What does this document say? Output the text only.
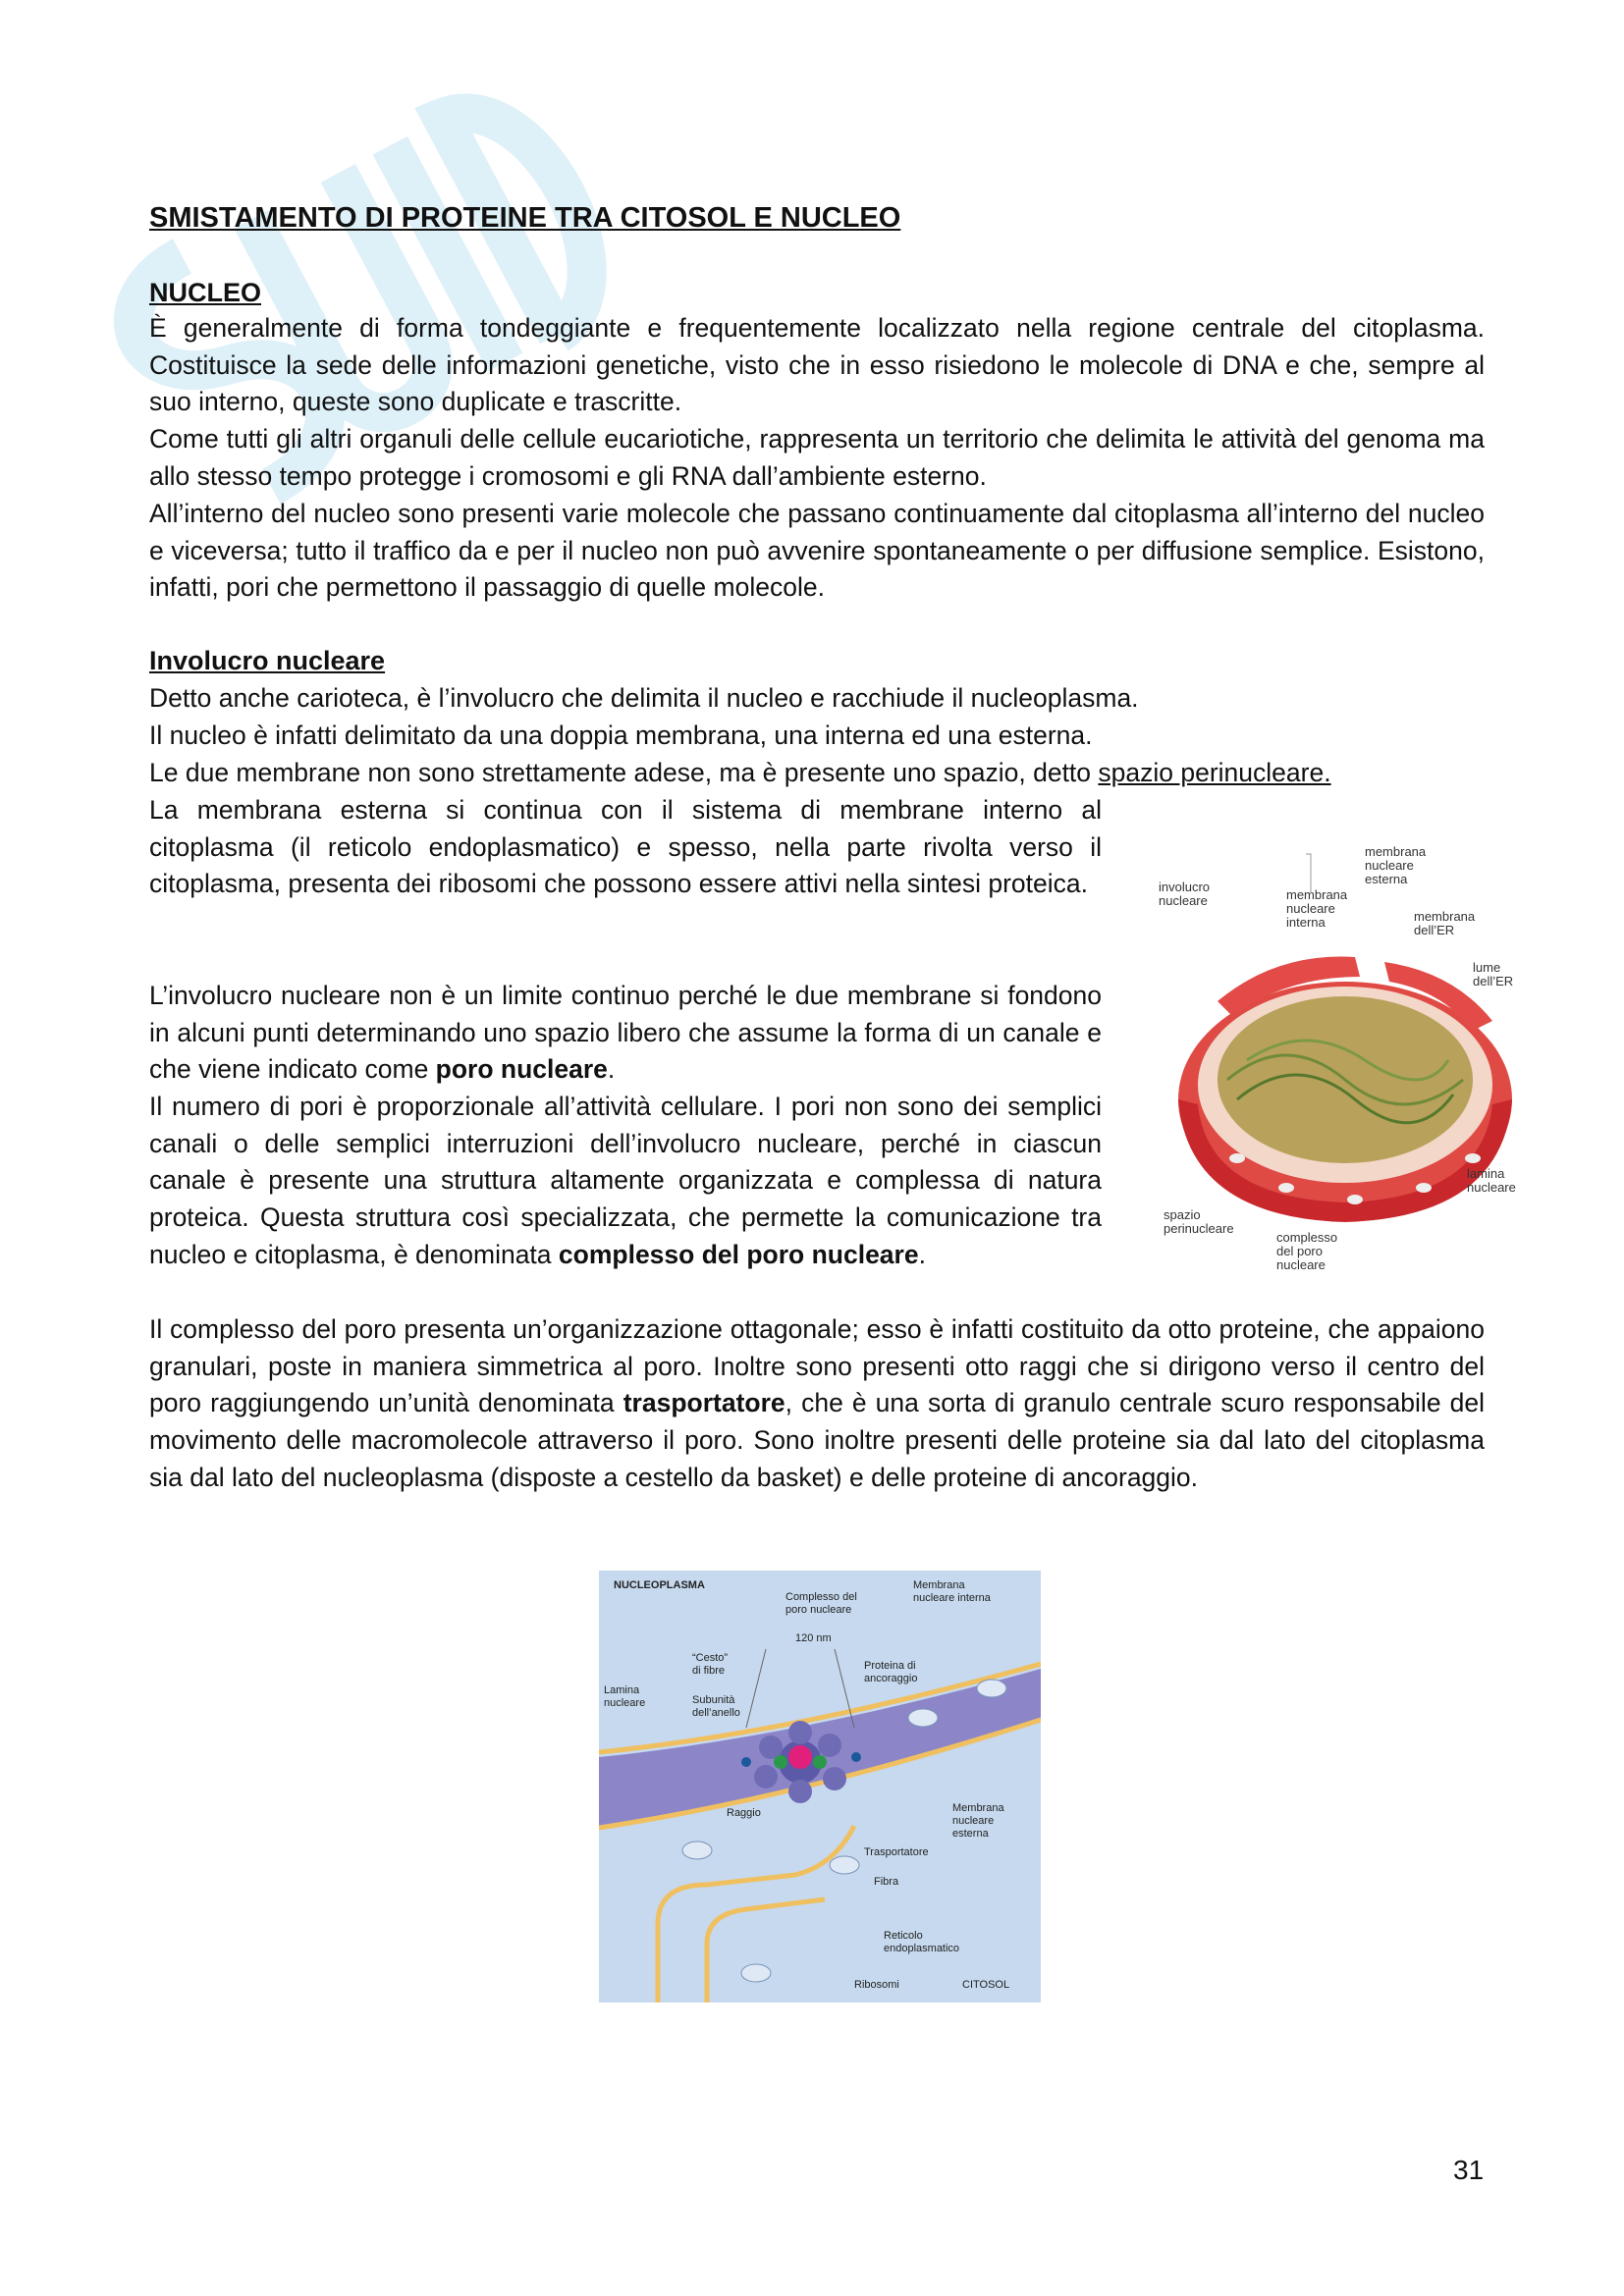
SMISTAMENTO DI PROTEINE TRA CITOSOL E NUCLEO
NUCLEO

È generalmente di forma tondeggiante e frequentemente localizzato nella regione centrale del citoplasma. Costituisce la sede delle informazioni genetiche, visto che in esso risiedono le molecole di DNA e che, sempre al suo interno, queste sono duplicate e trascritte.

Come tutti gli altri organuli delle cellule eucariotiche, rappresenta un territorio che delimita le attività del genoma ma allo stesso tempo protegge i cromosomi e gli RNA dall’ambiente esterno.

All’interno del nucleo sono presenti varie molecole che passano continuamente dal citoplasma all’interno del nucleo e viceversa; tutto il traffico da e per il nucleo non può avvenire spontaneamente o per diffusione semplice. Esistono, infatti, pori che permettono il passaggio di quelle molecole.

Involucro nucleare

Detto anche carioteca, è l’involucro che delimita il nucleo e racchiude il nucleoplasma.

Il nucleo è infatti delimitato da una doppia membrana, una interna ed una esterna.

Le due membrane non sono strettamente adese, ma è presente uno spazio, detto spazio perinucleare.

La membrana esterna si continua con il sistema di membrane interno al citoplasma (il reticolo endoplasmatico) e spesso, nella parte rivolta verso il citoplasma, presenta dei ribosomi che possono essere attivi nella sintesi proteica.

L’involucro nucleare non è un limite continuo perché le due membrane si fondono in alcuni punti determinando uno spazio libero che assume la forma di un canale e che viene indicato come poro nucleare.

Il numero di pori è proporzionale all’attività cellulare. I pori non sono dei semplici canali o delle semplici interruzioni dell’involucro nucleare, perché in ciascun canale è presente una struttura altamente organizzata e complessa di natura proteica. Questa struttura così specializzata, che permette la comunicazione tra nucleo e citoplasma, è denominata complesso del poro nucleare.

Il complesso del poro presenta un’organizzazione ottagonale; esso è infatti costituito da otto proteine, che appaiono granulari, poste in maniera simmetrica al poro. Inoltre sono presenti otto raggi che si dirigono verso il centro del poro raggiungendo un’unità denominata trasportatore, che è una sorta di granulo centrale scuro responsabile del movimento delle macromolecole attraverso il poro. Sono inoltre presenti delle proteine sia dal lato del citoplasma sia dal lato del nucleoplasma (disposte a cestello da basket) e delle proteine di ancoraggio.

involucro nucleare
membrana nucleare esterna
membrana nucleare interna	membrana dell’ER
lume dell’ER
lamina nucleare
spazio perinucleare
complesso del poro nucleare
NUCLEOPLASMA
Complesso del poro nucleare
Membrana nucleare interna
120 nm
“Cesto” di fibre	Proteina di ancoraggio
Lamina nucleare	Subunità dell’anello
Raggio	Membrana nucleare esterna
Trasportatore
Fibra
Reticolo endoplasmatico
Ribosomi	CITOSOL
31
